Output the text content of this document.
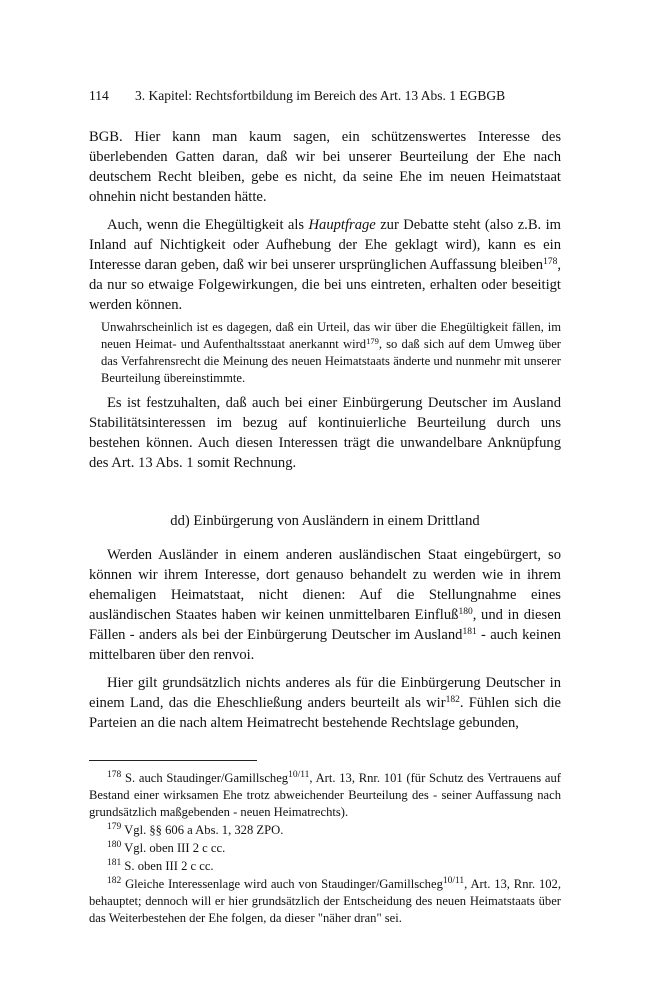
114 3. Kapitel: Rechtsfortbildung im Bereich des Art. 13 Abs. 1 EGBGB

BGB. Hier kann man kaum sagen, ein schützenswertes Interesse des überlebenden Gatten daran, daß wir bei unserer Beurteilung der Ehe nach deutschem Recht bleiben, gebe es nicht, da seine Ehe im neuen Heimatstaat ohnehin nicht bestanden hätte.

Auch, wenn die Ehegültigkeit als Hauptfrage zur Debatte steht (also z.B. im Inland auf Nichtigkeit oder Aufhebung der Ehe geklagt wird), kann es ein Interesse daran geben, daß wir bei unserer ursprünglichen Auffassung bleiben$^{178}$, da nur so etwaige Folgewirkungen, die bei uns eintreten, erhalten oder beseitigt werden können.

Unwahrscheinlich ist es dagegen, daß ein Urteil, das wir über die Ehegültigkeit fällen, im neuen Heimat- und Aufenthaltsstaat anerkannt wird$^{179}$, so daß sich auf dem Umweg über das Verfahrensrecht die Meinung des neuen Heimatstaats änderte und nunmehr mit unserer Beurteilung übereinstimmte.

Es ist festzuhalten, daß auch bei einer Einbürgerung Deutscher im Ausland Stabilitätsinteressen im bezug auf kontinuierliche Beurteilung durch uns bestehen können. Auch diesen Interessen trägt die unwandelbare Anknüpfung des Art. 13 Abs. 1 somit Rechnung.

dd) Einbürgerung von Ausländern in einem Drittland

Werden Ausländer in einem anderen ausländischen Staat eingebürgert, so können wir ihrem Interesse, dort genauso behandelt zu werden wie in ihrem ehemaligen Heimatstaat, nicht dienen: Auf die Stellungnahme eines ausländischen Staates haben wir keinen unmittelbaren Einfluß$^{180}$, und in diesen Fällen - anders als bei der Einbürgerung Deutscher im Ausland$^{181}$ - auch keinen mittelbaren über den renvoi.

Hier gilt grundsätzlich nichts anderes als für die Einbürgerung Deutscher in einem Land, das die Eheschließung anders beurteilt als wir$^{182}$. Fühlen sich die Parteien an die nach altem Heimatrecht bestehende Rechtslage gebunden,

$^{178}$ S. auch Staudinger/Gamillscheg$^{10/11}$, Art. 13, Rnr. 101 (für Schutz des Vertrauens auf Bestand einer wirksamen Ehe trotz abweichender Beurteilung des - seiner Auffassung nach grundsätzlich maßgebenden - neuen Heimatrechts).

$^{179}$ Vgl. §§ 606 a Abs. 1, 328 ZPO.

$^{180}$ Vgl. oben III 2 c cc.

$^{181}$ S. oben III 2 c cc.

$^{182}$ Gleiche Interessenlage wird auch von Staudinger/Gamillscheg$^{10/11}$, Art. 13, Rnr. 102, behauptet; dennoch will er hier grundsätzlich der Entscheidung des neuen Heimatstaats über das Weiterbestehen der Ehe folgen, da dieser "näher dran" sei.
